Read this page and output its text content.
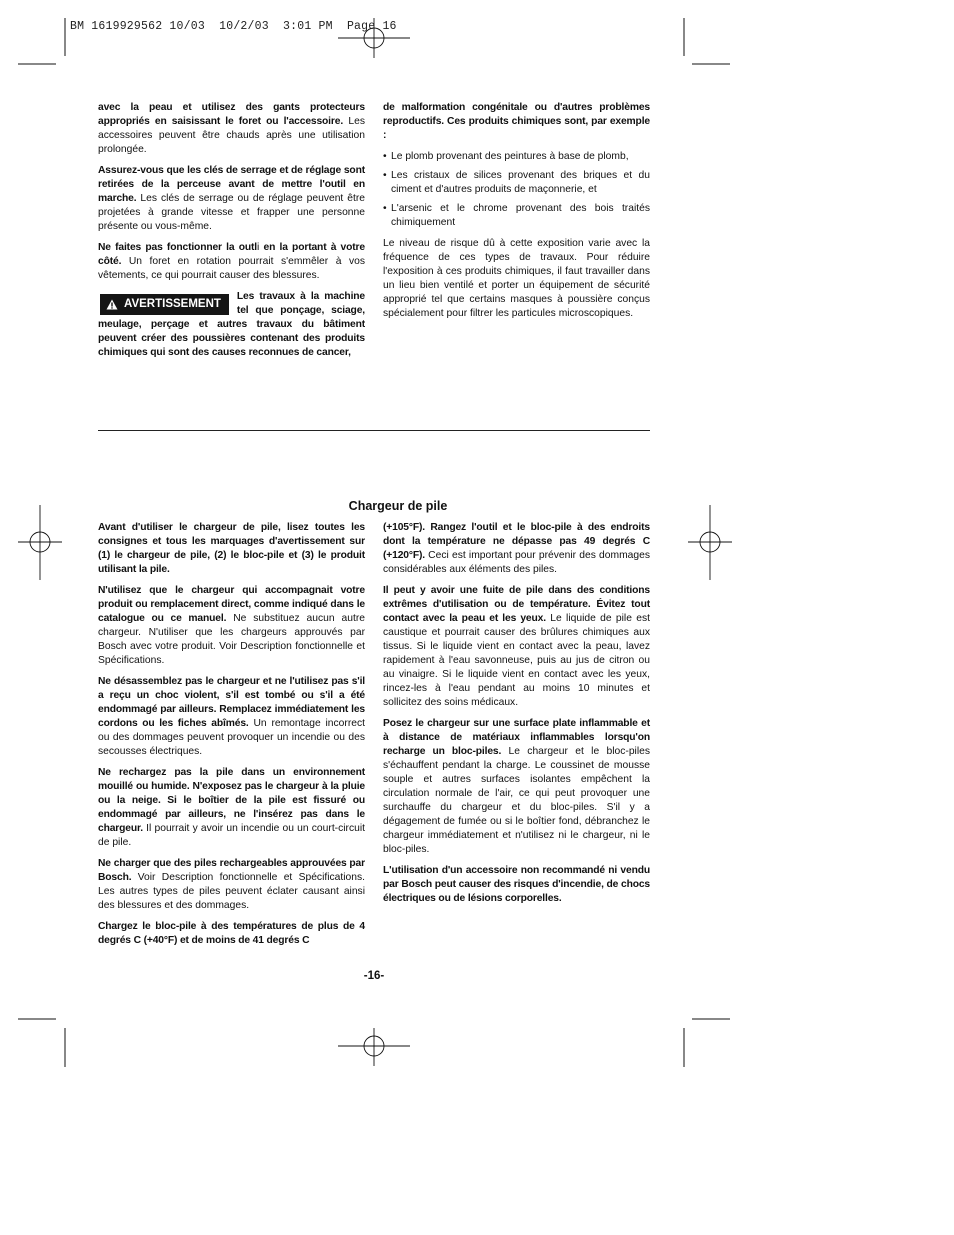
BM 1619929562 10/03  10/2/03  3:01 PM  Page 16

avec la peau et utilisez des gants protecteurs appropriés en saisissant le foret ou l'accessoire. Les accessoires peuvent être chauds après une utilisation prolongée.

Assurez-vous que les clés de serrage et de réglage sont retirées de la perceuse avant de mettre l'outil en marche. Les clés de serrage ou de réglage peuvent être projetées à grande vitesse et frapper une personne présente ou vous-même.

Ne faites pas fonctionner la outli en la portant à votre côté. Un foret en rotation pourrait s'emmêler à vos vêtements, ce qui pourrait causer des blessures.

AVERTISSEMENT
Les travaux à la machine tel que ponçage, sciage, meulage, perçage et autres travaux du bâtiment peuvent créer des poussières contenant des produits chimiques qui sont des causes reconnues de cancer,

de malformation congénitale ou d'autres problèmes reproductifs. Ces produits chimiques sont, par exemple :

• Le plomb provenant des peintures à base de plomb,
• Les cristaux de silices provenant des briques et du ciment et d'autres produits de maçonnerie, et
• L'arsenic et le chrome provenant des bois traités chimiquement

Le niveau de risque dû à cette exposition varie avec la fréquence de ces types de travaux. Pour réduire l'exposition à ces produits chimiques, il faut travailler dans un lieu bien ventilé et porter un équipement de sécurité approprié tel que certains masques à poussière conçus spécialement pour filtrer les particules microscopiques.

Chargeur de pile

Avant d'utiliser le chargeur de pile, lisez toutes les consignes et tous les marquages d'avertissement sur (1) le chargeur de pile, (2) le bloc-pile et (3) le produit utilisant la pile.

N'utilisez que le chargeur qui accompagnait votre produit ou remplacement direct, comme indiqué dans le catalogue ou ce manuel. Ne substituez aucun autre chargeur. N'utiliser que les chargeurs approuvés par Bosch avec votre produit. Voir Description fonctionnelle et Spécifications.

Ne désassemblez pas le chargeur et ne l'utilisez pas s'il a reçu un choc violent, s'il est tombé ou s'il a été endommagé par ailleurs. Remplacez immédiatement les cordons ou les fiches abîmés. Un remontage incorrect ou des dommages peuvent provoquer un incendie ou des secousses électriques.

Ne rechargez pas la pile dans un environnement mouillé ou humide. N'exposez pas le chargeur à la pluie ou la neige. Si le boîtier de la pile est fissuré ou endommagé par ailleurs, ne l'insérez pas dans le chargeur. Il pourrait y avoir un incendie ou un court-circuit de pile.

Ne charger que des piles rechargeables approuvées par Bosch. Voir Description fonctionnelle et Spécifications. Les autres types de piles peuvent éclater causant ainsi des blessures et des dommages.

Chargez le bloc-pile à des températures de plus de 4 degrés C (+40°F) et de moins de 41 degrés C

(+105°F). Rangez l'outil et le bloc-pile à des endroits dont la température ne dépasse pas 49 degrés C (+120°F). Ceci est important pour prévenir des dommages considérables aux éléments des piles.

Il peut y avoir une fuite de pile dans des conditions extrêmes d'utilisation ou de température. Évitez tout contact avec la peau et les yeux. Le liquide de pile est caustique et pourrait causer des brûlures chimiques aux tissus. Si le liquide vient en contact avec la peau, lavez rapidement à l'eau savonneuse, puis au jus de citron ou au vinaigre. Si le liquide vient en contact avec les yeux, rincez-les à l'eau pendant au moins 10 minutes et sollicitez des soins médicaux.

Posez le chargeur sur une surface plate inflammable et à distance de matériaux inflammables lorsqu'on recharge un bloc-piles. Le chargeur et le bloc-piles s'échauffent pendant la charge. Le coussinet de mousse souple et autres surfaces isolantes empêchent la circulation normale de l'air, ce qui peut provoquer une surchauffe du chargeur et du bloc-piles. S'il y a dégagement de fumée ou si le boîtier fond, débranchez le chargeur immédiatement et n'utilisez ni le chargeur, ni le bloc-piles.

L'utilisation d'un accessoire non recommandé ni vendu par Bosch peut causer des risques d'incendie, de chocs électriques ou de lésions corporelles.

-16-
